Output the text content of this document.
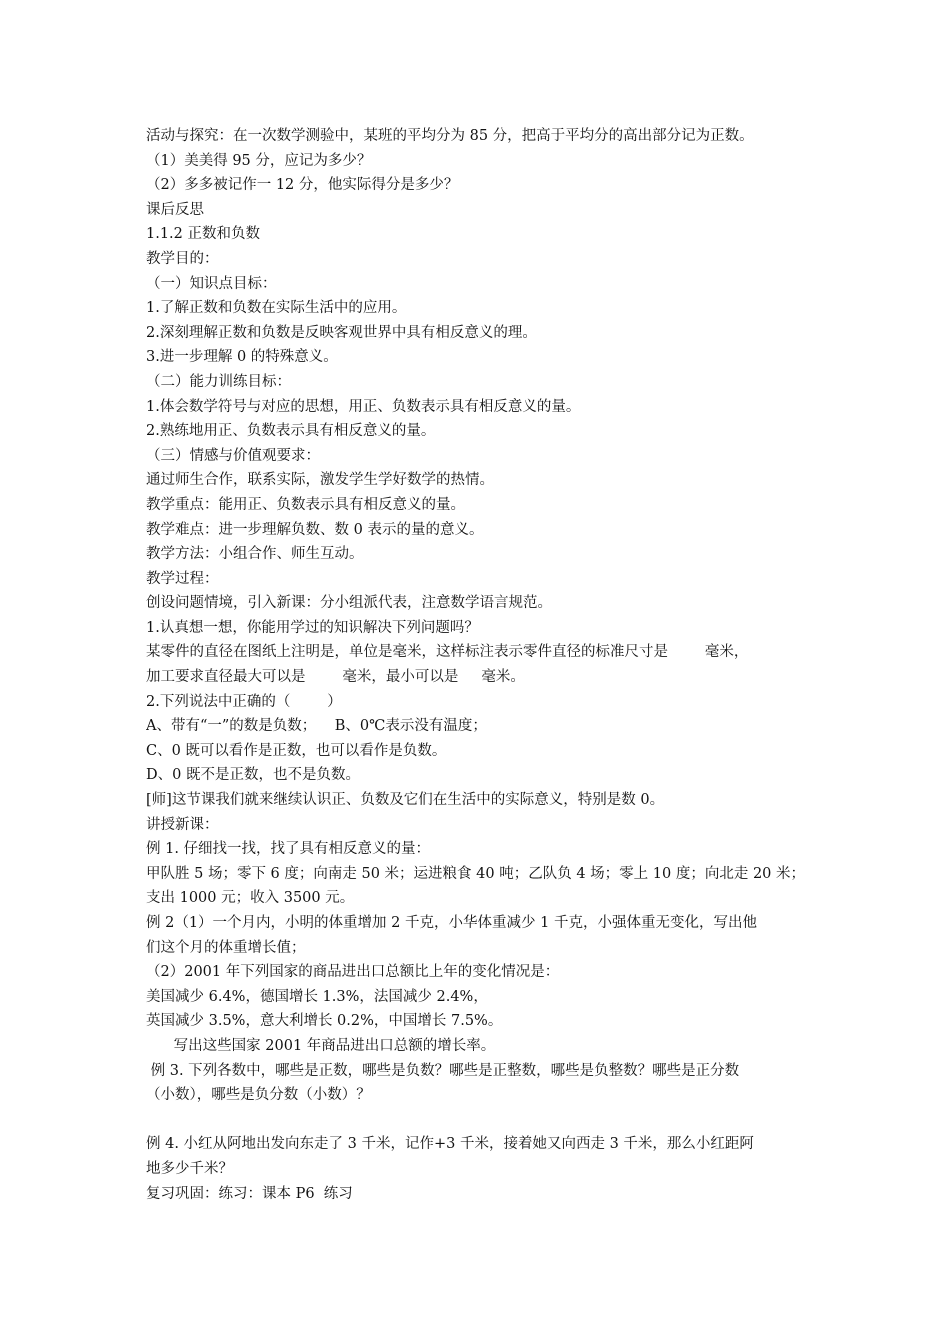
活动与探究：在一次数学测验中，某班的平均分为 85 分，把高于平均分的高出部分记为正数。
（1）美美得 95 分，应记为多少？
（2）多多被记作一 12 分，他实际得分是多少？
课后反思
1.1.2 正数和负数
教学目的：
（一）知识点目标：
1.了解正数和负数在实际生活中的应用。
2.深刻理解正数和负数是反映客观世界中具有相反意义的理。
3.进一步理解 0 的特殊意义。
（二）能力训练目标：
1.体会数学符号与对应的思想，用正、负数表示具有相反意义的量。
2.熟练地用正、负数表示具有相反意义的量。
（三）情感与价值观要求：
通过师生合作，联系实际，激发学生学好数学的热情。
教学重点：能用正、负数表示具有相反意义的量。
教学难点：进一步理解负数、数 0 表示的量的意义。
教学方法：小组合作、师生互动。
教学过程：
创设问题情境，引入新课：分小组派代表，注意数学语言规范。
1.认真想一想，你能用学过的知识解决下列问题吗？
某零件的直径在图纸上注明是，单位是毫米，这样标注表示零件直径的标准尺寸是        毫米，
加工要求直径最大可以是        毫米，最小可以是     毫米。
2.下列说法中正确的（        ）
A、带有“一”的数是负数；    B、0℃表示没有温度；
C、0 既可以看作是正数，也可以看作是负数。
D、0 既不是正数，也不是负数。
[师]这节课我们就来继续认识正、负数及它们在生活中的实际意义，特别是数 0。
讲授新课：
例 1. 仔细找一找，找了具有相反意义的量：
甲队胜 5 场；零下 6 度；向南走 50 米；运进粮食 40 吨；乙队负 4 场；零上 10 度；向北走 20 米；
支出 1000 元；收入 3500 元。
例 2（1）一个月内，小明的体重增加 2 千克，小华体重减少 1 千克，小强体重无变化，写出他
们这个月的体重增长值；
（2）2001 年下列国家的商品进出口总额比上年的变化情况是：
美国减少 6.4%，德国增长 1.3%，法国减少 2.4%，
英国减少 3.5%，意大利增长 0.2%，中国增长 7.5%。
写出这些国家 2001 年商品进出口总额的增长率。
例 3. 下列各数中，哪些是正数，哪些是负数？哪些是正整数，哪些是负整数？哪些是正分数
（小数），哪些是负分数（小数）？
例 4. 小红从阿地出发向东走了 3 千米，记作+3 千米，接着她又向西走 3 千米，那么小红距阿
地多少千米？
复习巩固：练习：课本 P6  练习
